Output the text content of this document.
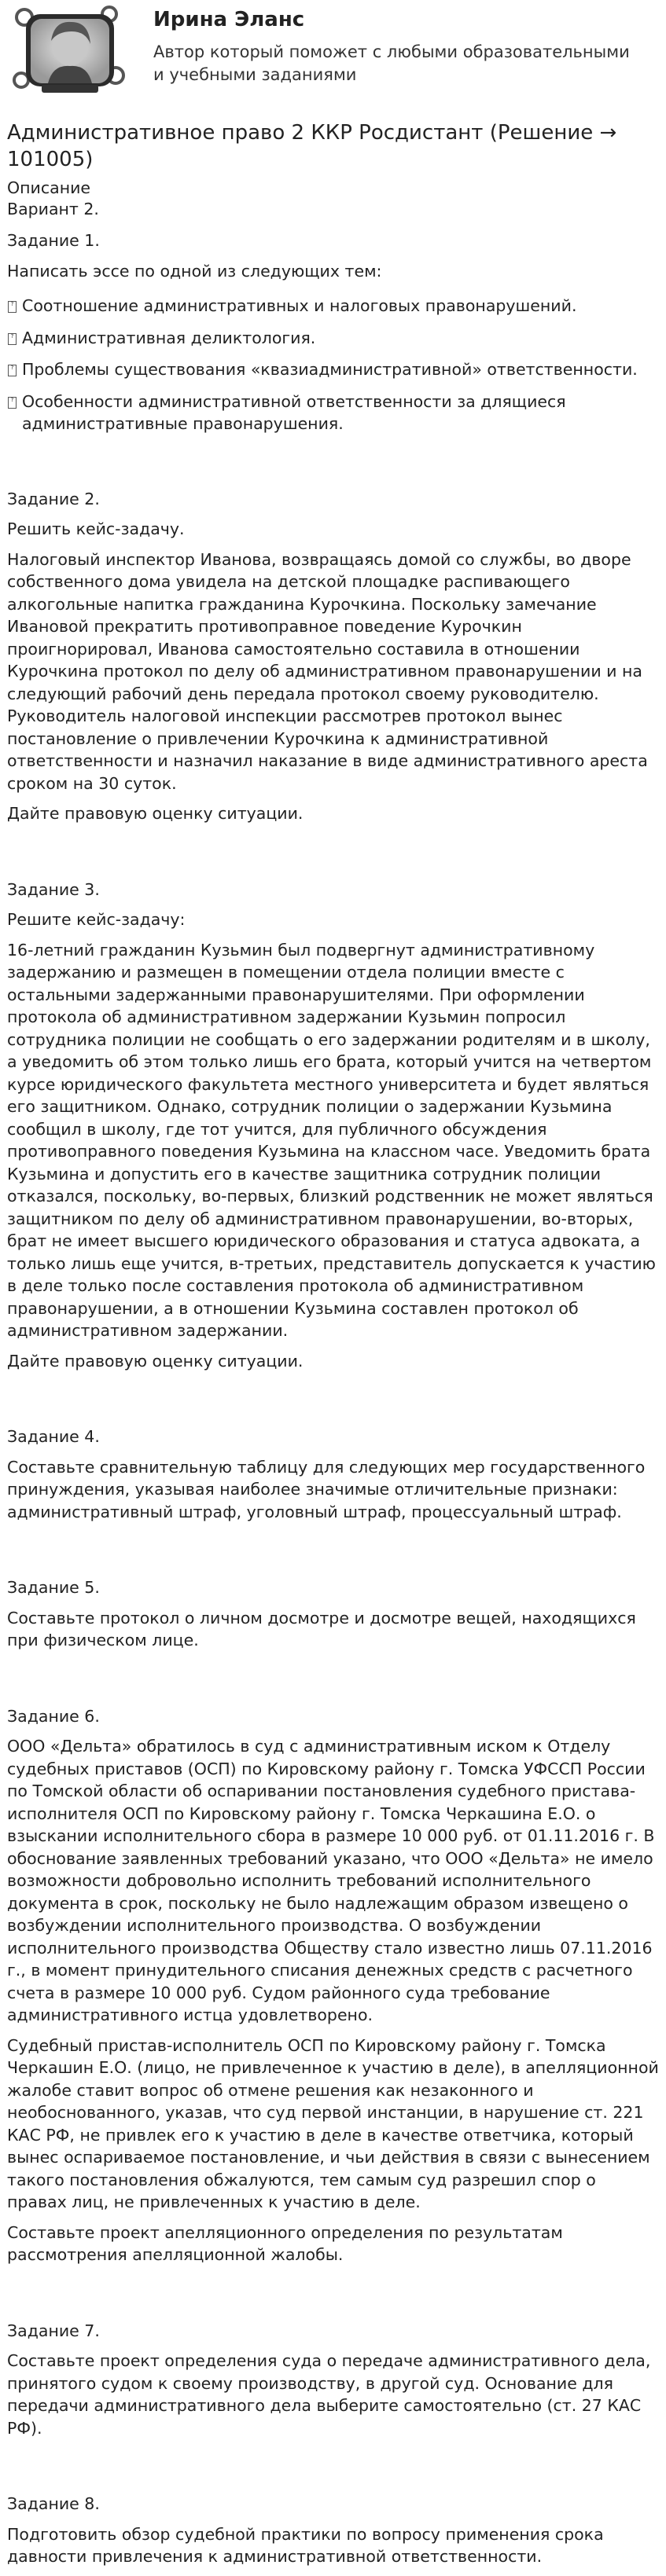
Ирина Эланс
Автор который поможет с любыми образовательными и учебными заданиями
Административное право 2 ККР Росдистант (Решение → 101005)

Описание

Вариант 2.

Задание 1.

Написать эссе по одной из следующих тем:

? Соотношение административных и налоговых правонарушений.

? Административная деликтология.

? Проблемы существования «квазиадминистративной» ответственности.

? Особенности административной ответственности за длящиеся административные правонарушения.

Задание 2.

Решить кейс-задачу.

Налоговый инспектор Иванова, возвращаясь домой со службы, во дворе собственного дома увидела на детской площадке распивающего алкогольные напитка гражданина Курочкина. Поскольку замечание Ивановой прекратить противоправное поведение Курочкин проигнорировал, Иванова самостоятельно составила в отношении Курочкина протокол по делу об административном правонарушении и на следующий рабочий день передала протокол своему руководителю. Руководитель налоговой инспекции рассмотрев протокол вынес постановление о привлечении Курочкина к административной ответственности и назначил наказание в виде административного ареста сроком на 30 суток.

Дайте правовую оценку ситуации.

Задание 3.

Решите кейс-задачу:

16-летний гражданин Кузьмин был подвергнут административному задержанию и размещен в помещении отдела полиции вместе с остальными задержанными правонарушителями. При оформлении протокола об административном задержании Кузьмин попросил сотрудника полиции не сообщать о его задержании родителям и в школу, а уведомить об этом только лишь его брата, который учится на четвертом курсе юридического факультета местного университета и будет являться его защитником. Однако, сотрудник полиции о задержании Кузьмина сообщил в школу, где тот учится, для публичного обсуждения противоправного поведения Кузьмина на классном часе. Уведомить брата Кузьмина и допустить его в качестве защитника сотрудник полиции отказался, поскольку, во-первых, близкий родственник не может являться защитником по делу об административном правонарушении, во-вторых, брат не имеет высшего юридического образования и статуса адвоката, а только лишь еще учится, в-третьих, представитель допускается к участию в деле только после составления протокола об административном правонарушении, а в отношении Кузьмина составлен протокол об административном задержании.

Дайте правовую оценку ситуации.

Задание 4.

Составьте сравнительную таблицу для следующих мер государственного принуждения, указывая наиболее значимые отличительные признаки: административный штраф, уголовный штраф, процессуальный штраф.

Задание 5.

Составьте протокол о личном досмотре и досмотре вещей, находящихся при физическом лице.

Задание 6.

ООО «Дельта» обратилось в суд с административным иском к Отделу судебных приставов (ОСП) по Кировскому району г. Томска УФССП России по Томской области об оспаривании постановления судебного пристава-исполнителя ОСП по Кировскому району г. Томска Черкашина Е.О. о взыскании исполнительного сбора в размере 10 000 руб. от 01.11.2016 г. В обоснование заявленных требований указано, что ООО «Дельта» не имело возможности добровольно исполнить требований исполнительного документа в срок, поскольку не было надлежащим образом извещено о возбуждении исполнительного производства. О возбуждении исполнительного производства Обществу стало известно лишь 07.11.2016 г., в момент принудительного списания денежных средств с расчетного счета в размере 10 000 руб. Судом районного суда требование административного истца удовлетворено.

Судебный пристав-исполнитель ОСП по Кировскому району г. Томска Черкашин Е.О. (лицо, не привлеченное к участию в деле), в апелляционной жалобе ставит вопрос об отмене решения как незаконного и необоснованного, указав, что суд первой инстанции, в нарушение ст. 221 КАС РФ, не привлек его к участию в деле в качестве ответчика, который вынес оспариваемое постановление, и чьи действия в связи с вынесением такого постановления обжалуются, тем самым суд разрешил спор о правах лиц, не привлеченных к участию в деле.

Составьте проект апелляционного определения по результатам рассмотрения апелляционной жалобы.

Задание 7.

Составьте проект определения суда о передаче административного дела, принятого судом к своему производству, в другой суд. Основание для передачи административного дела выберите самостоятельно (ст. 27 КАС РФ).

Задание 8.

Подготовить обзор судебной практики по вопросу применения срока давности привлечения к административной ответственности.
